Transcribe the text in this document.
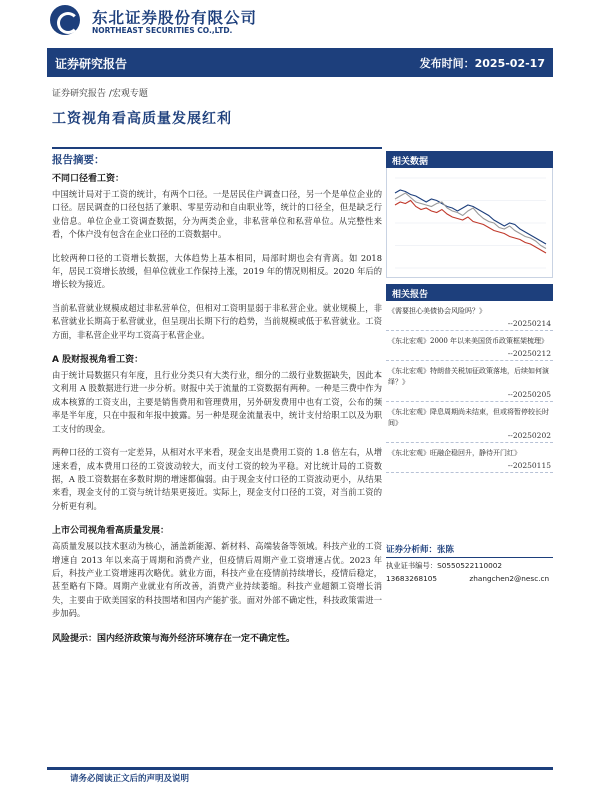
东北证券股份有限公司
NORTHEAST SECURITIES CO.,LTD.
证券研究报告	发布时间：2025-02-17
证券研究报告 /宏观专题
工资视角看高质量发展红利
报告摘要：
不同口径看工资：

中国统计局对于工资的统计，有两个口径。一是居民住户调查口径，另一个是单位企业的口径。居民调查的口径包括了兼职、零星劳动和自由职业等，统计的口径全，但是缺乏行业信息。单位企业工资调查数据，分为两类企业，非私营单位和私营单位。从完整性来看，个体户没有包含在企业口径的工资数据中。

比较两种口径的工资增长数据，大体趋势上基本相同，局部时期也会有背离。如 2018 年，居民工资增长放缓，但单位就业工作保持上涨，2019 年的情况则相反。2020 年后的增长较为接近。

当前私营就业规模成超过非私营单位，但相对工资明显弱于非私营企业。就业规模上，非私营就业长期高于私营就业，但呈现出长期下行的趋势，当前规模或低于私营就业。工资方面，非私营企业平均工资高于私营企业。

A 股财报视角看工资：

由于统计局数据只有年度，且行业分类只有大类行业，细分的二级行业数据缺失，因此本文利用 A 股数据进行进一步分析。财报中关于流量的工资数据有两种。一种是三费中作为成本核算的工资支出，主要是销售费用和管理费用，另外研发费用中也有工资，公布的频率是半年度，只在中报和年报中披露。另一种是现金流量表中，统计支付给职工以及为职工支付的现金。

两种口径的工资有一定差异，从相对水平来看，现金支出是费用工资的 1.8 倍左右，从增速来看，成本费用口径的工资波动较大，而支付工资的较为平稳。对比统计局的工资数据，A 股工资数据在多数时期的增速都偏弱。由于现金支付口径的工资波动更小，从结果来看，现金支付的工资与统计结果更接近。实际上，现金支付口径的工资，对当前工资的分析更有利。

上市公司视角看高质量发展：

高质量发展以技术驱动为核心，涵盖新能源、新材料、高端装备等领域。科技产业的工资增速自 2013 年以来高于周期和消费产业，但疫情后周期产业工资增速占优。2023 年后，科技产业工资增速再次略优。就业方面，科技产业在疫情前持续增长，疫情后稳定，甚至略有下降。周期产业就业有所改善，消费产业持续萎缩。科技产业超额工资增长消失，主要由于欧美国家的科技围堵和国内产能扩张。面对外部不确定性，科技政策需进一步加码。

风险提示：国内经济政策与海外经济环境存在一定不确定性。
相关数据
相关报告
《需要担心美债协会风险吗？》
--20250214
《东北宏观》2000 年以来美国货币政策框架梳理》
--20250212
《东北宏观》特朗普关税加征政策落地，后续如何演绎？》
--20250205
《东北宏观》降息周期尚未结束，但或将暂停较长时间》
--20250202
《东北宏观》旺融企稳回升，静待开门红》
--20250115
证券分析师：张陈
执业证书编号：S0550522110002
13683268105	zhangchen2@nesc.cn
请务必阅读正文后的声明及说明
